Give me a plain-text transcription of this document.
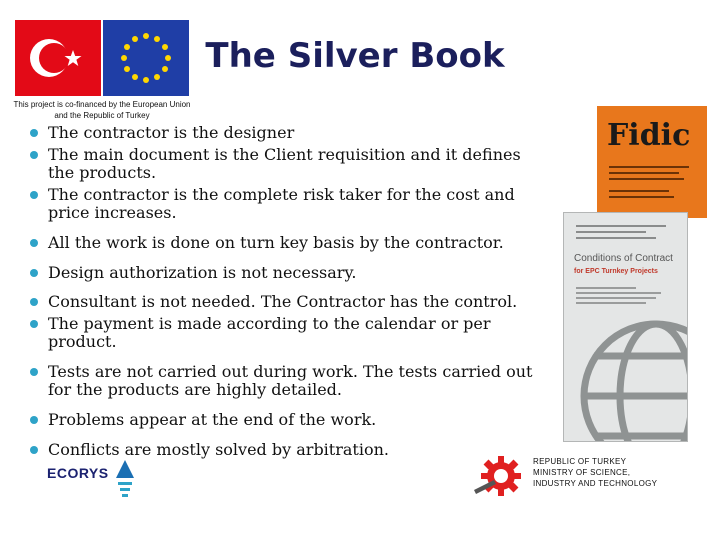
This project is co-financed by the European Union and the Republic of Turkey
The Silver Book
The contractor is the designer
The main document is the Client requisition and it defines the products.
The contractor is the complete risk taker for the cost and price increases.
All the work is done on turn key basis by the contractor.
Design authorization is not necessary.
Consultant is not needed. The Contractor has the control.
The payment is made according to the calendar or per product.
Tests are not carried out during work. The tests carried out for the products are highly detailed.
Problems appear at the end of the work.
Conflicts are mostly solved by arbitration.
Fidic
Conditions of Contract
for EPC Turnkey Projects
ECORYS
REPUBLIC OF TURKEY
MINISTRY OF SCIENCE,
INDUSTRY AND TECHNOLOGY
